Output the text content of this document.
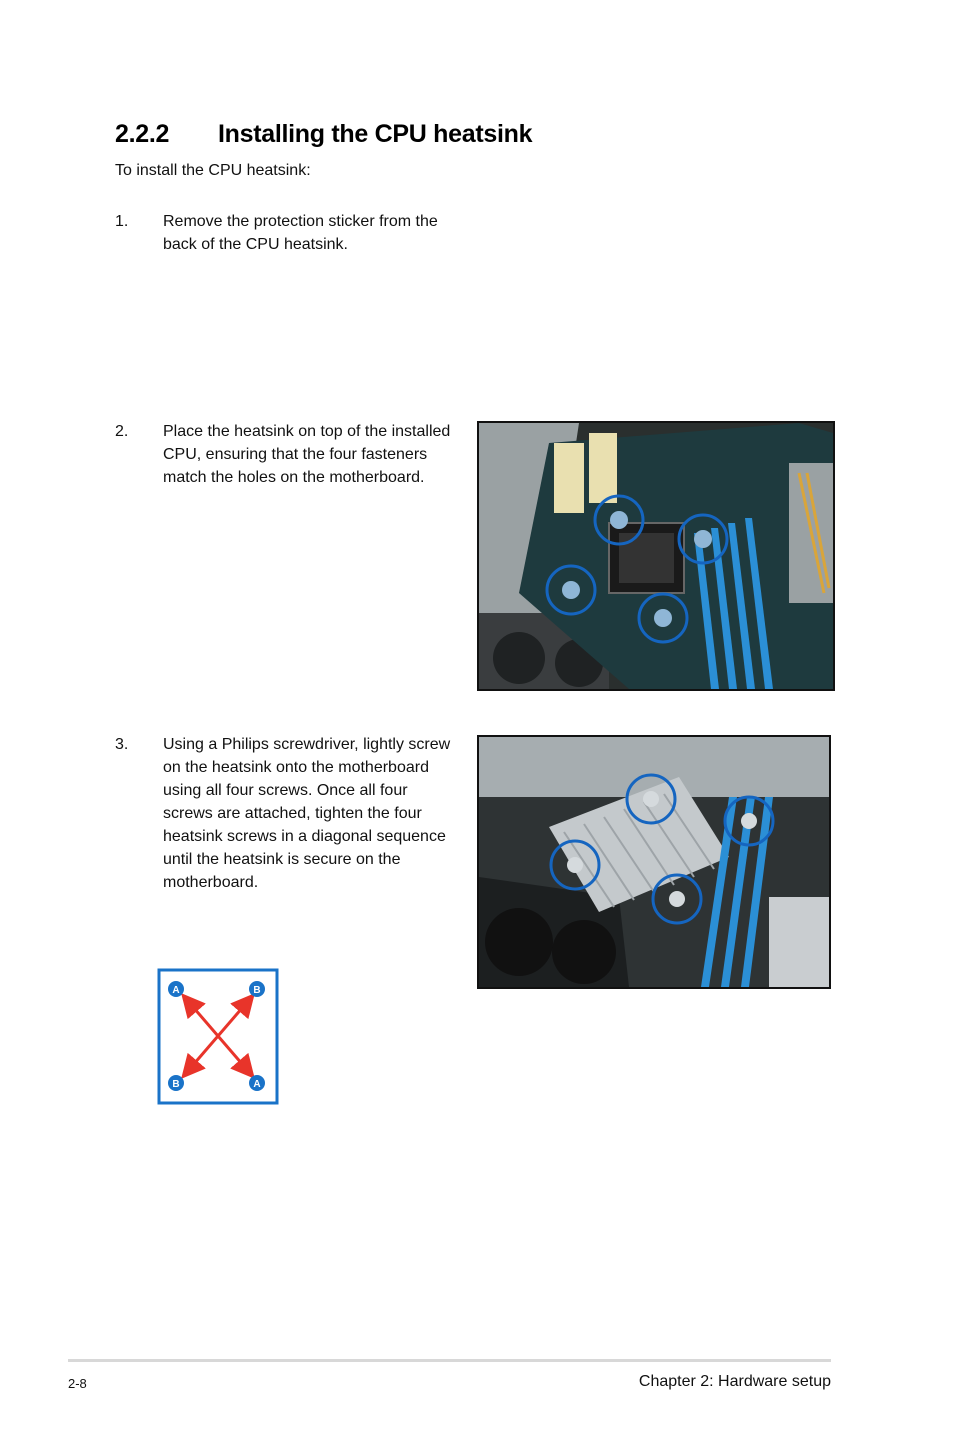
2.2.2 Installing the CPU heatsink
To install the CPU heatsink:
1. Remove the protection sticker from the
back of the CPU heatsink.
2. Place the heatsink on top of the installed
CPU, ensuring that the four fasteners
match the holes on the motherboard.
3. Using a Philips screwdriver, lightly screw
on the heatsink onto the motherboard
using all four screws. Once all four
screws are attached, tighten the four
heatsink screws in a diagonal sequence
until the heatsink is secure on the
motherboard.
A	B
B	A
2-8	Chapter 2: Hardware setup
